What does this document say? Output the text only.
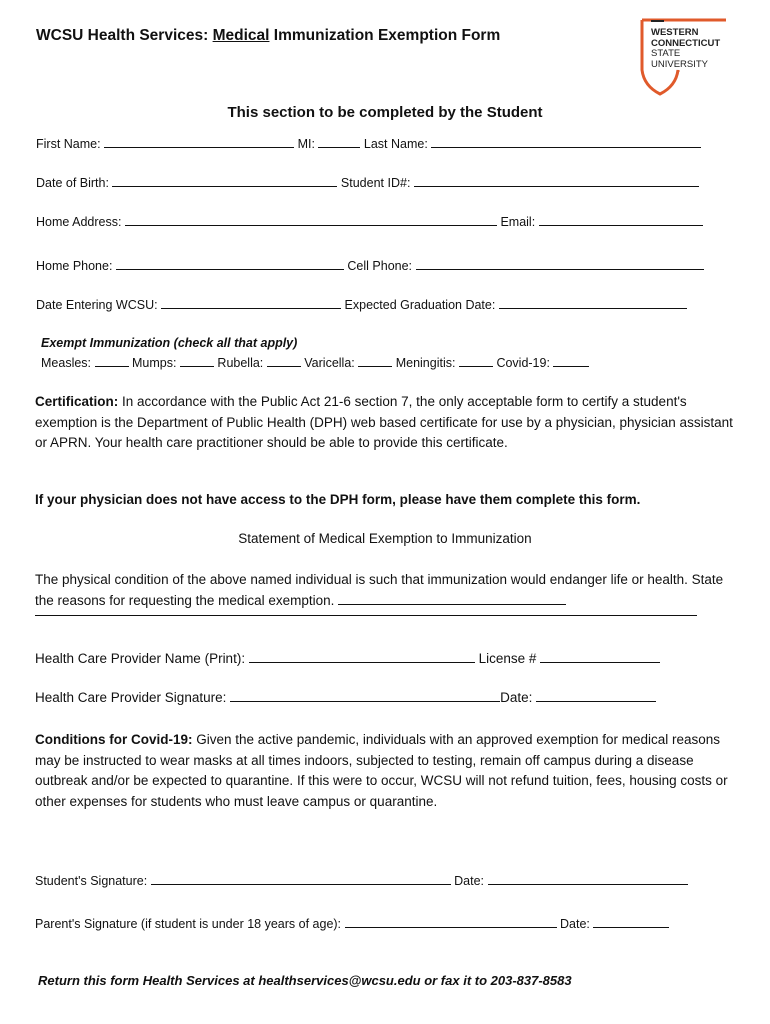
WCSU Health Services: Medical Immunization Exemption Form	WESTERN
CONNECTICUT
STATE
UNIVERSITY
This section to be completed by the Student
First Name:	MI:	Last Name:
Date of Birth:	Student ID#:
Home Address:	Email:
Home Phone:	Cell Phone:
Date Entering WCSU:	Expected Graduation Date:
Exempt Immunization (check all that apply)
Measles:	Mumps:	Rubella:	Varicella:	Meningitis:	Covid-19:
Certification: In accordance with the Public Act 21-6 section 7, the only acceptable form to certify a student's exemption is the Department of Public Health (DPH) web based certificate for use by a physician, physician assistant or APRN. Your health care practitioner should be able to provide this certificate.
If your physician does not have access to the DPH form, please have them complete this form.
Statement of Medical Exemption to Immunization
The physical condition of the above named individual is such that immunization would endanger life or health. State the reasons for requesting the medical exemption.
Health Care Provider Name (Print):	License #
Health Care Provider Signature:	Date:
Conditions for Covid-19: Given the active pandemic, individuals with an approved exemption for medical reasons may be instructed to wear masks at all times indoors, subjected to testing, remain off campus during a disease outbreak and/or be expected to quarantine. If this were to occur, WCSU will not refund tuition, fees, housing costs or other expenses for students who must leave campus or quarantine.
Student's Signature:	Date:
Parent's Signature (if student is under 18 years of age):	Date:
Return this form Health Services at healthservices@wcsu.edu or fax it to 203-837-8583
